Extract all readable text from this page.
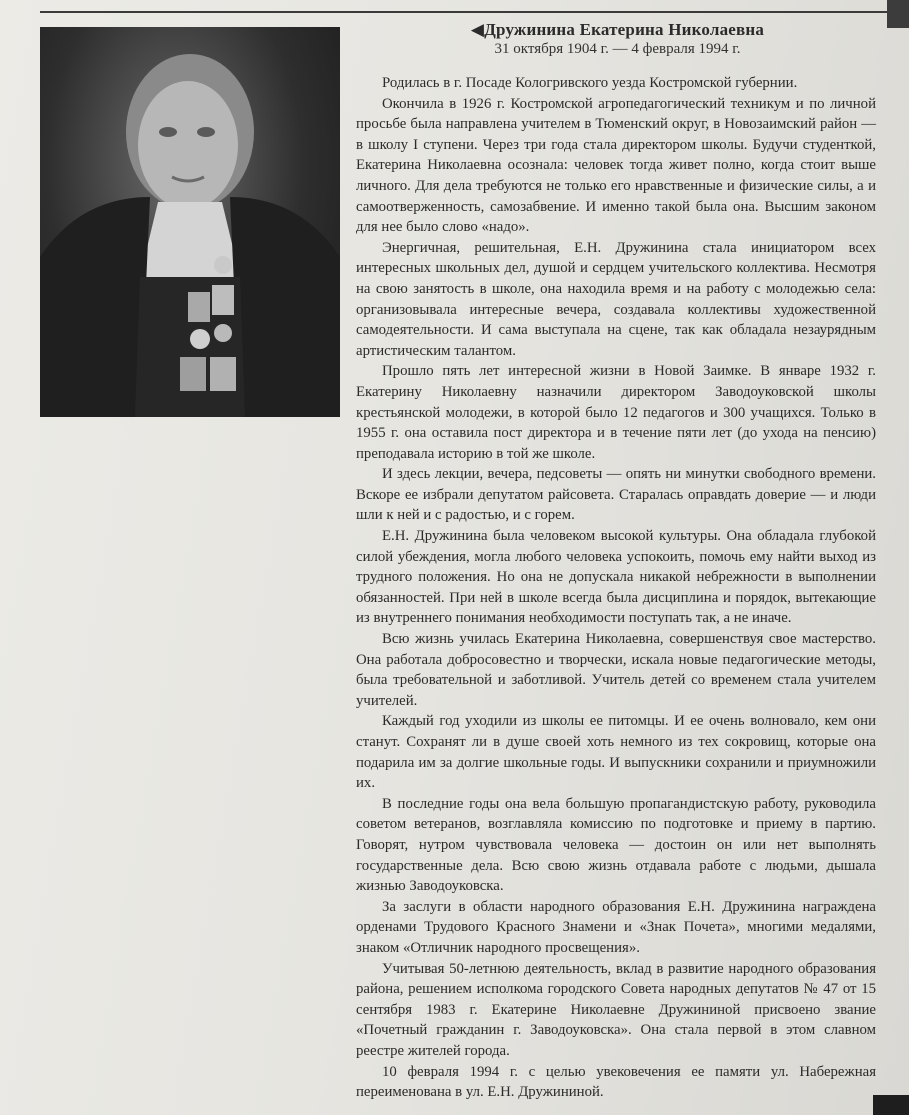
◀Дружинина Екатерина Николаевна
31 октября 1904 г. — 4 февраля 1994 г.

Родилась в г. Посаде Кологривского уезда Костромской губернии.

Окончила в 1926 г. Костромской агропедагогический техникум и по личной просьбе была направлена учителем в Тюменский округ, в Новозаимский район — в школу I ступени. Через три года стала директором школы. Будучи студенткой, Екатерина Николаевна осознала: человек тогда живет полно, когда стоит выше личного. Для дела требуются не только его нравственные и физические силы, а и самоотверженность, самозабвение. И именно такой была она. Высшим законом для нее было слово «надо».

Энергичная, решительная, Е.Н. Дружинина стала инициатором всех интересных школьных дел, душой и сердцем учительского коллектива. Несмотря на свою занятость в школе, она находила время и на работу с молодежью села: организовывала интересные вечера, создавала коллективы художественной самодеятельности. И сама выступала на сцене, так как обладала незаурядным артистическим талантом.

Прошло пять лет интересной жизни в Новой Заимке. В январе 1932 г. Екатерину Николаевну назначили директором Заводоуковской школы крестьянской молодежи, в которой было 12 педагогов и 300 учащихся. Только в 1955 г. она оставила пост директора и в течение пяти лет (до ухода на пенсию) преподавала историю в той же школе.

И здесь лекции, вечера, педсоветы — опять ни минутки свободного времени. Вскоре ее избрали депутатом райсовета. Старалась оправдать доверие — и люди шли к ней и с радостью, и с горем.

Е.Н. Дружинина была человеком высокой культуры. Она обладала глубокой силой убеждения, могла любого человека успокоить, помочь ему найти выход из трудного положения. Но она не допускала никакой небрежности в выполнении обязанностей. При ней в школе всегда была дисциплина и порядок, вытекающие из внутреннего понимания необходимости поступать так, а не иначе.

Всю жизнь училась Екатерина Николаевна, совершенствуя свое мастерство. Она работала добросовестно и творчески, искала новые педагогические методы, была требовательной и заботливой. Учитель детей со временем стала учителем учителей.

Каждый год уходили из школы ее питомцы. И ее очень волновало, кем они станут. Сохранят ли в душе своей хоть немного из тех сокровищ, которые она подарила им за долгие школьные годы. И выпускники сохранили и приумножили их.

В последние годы она вела большую пропагандистскую работу, руководила советом ветеранов, возглавляла комиссию по подготовке и приему в партию. Говорят, нутром чувствовала человека — достоин он или нет выполнять государственные дела. Всю свою жизнь отдавала работе с людьми, дышала жизнью Заводоуковска.

За заслуги в области народного образования Е.Н. Дружинина награждена орденами Трудового Красного Знамени и «Знак Почета», многими медалями, знаком «Отличник народного просвещения».

Учитывая 50-летнюю деятельность, вклад в развитие народного образования района, решением исполкома городского Совета народных депутатов № 47 от 15 сентября 1983 г. Екатерине Николаевне Дружининой присвоено звание «Почетный гражданин г. Заводоуковска». Она стала первой в этом славном реестре жителей города.

10 февраля 1994 г. с целью увековечения ее памяти ул. Набережная переименована в ул. Е.Н. Дружининой.
